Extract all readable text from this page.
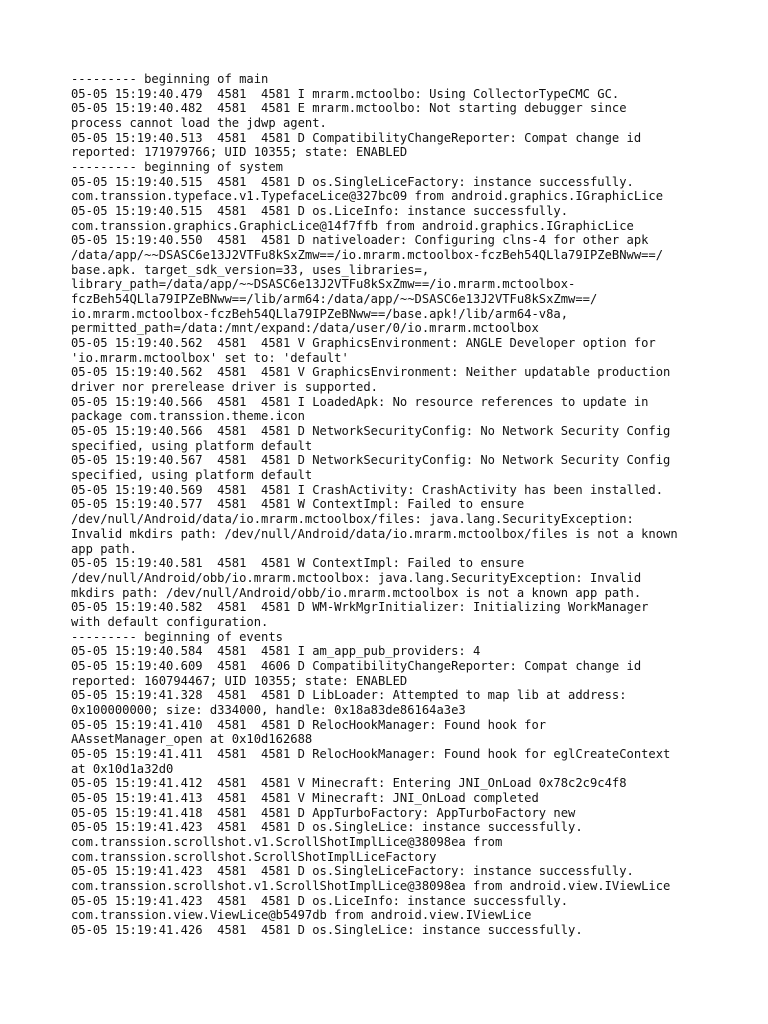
--------- beginning of main
05-05 15:19:40.479  4581  4581 I mrarm.mctoolbo: Using CollectorTypeCMC GC.
05-05 15:19:40.482  4581  4581 E mrarm.mctoolbo: Not starting debugger since
process cannot load the jdwp agent.
05-05 15:19:40.513  4581  4581 D CompatibilityChangeReporter: Compat change id
reported: 171979766; UID 10355; state: ENABLED
--------- beginning of system
05-05 15:19:40.515  4581  4581 D os.SingleLiceFactory: instance successfully.
com.transsion.typeface.v1.TypefaceLice@327bc09 from android.graphics.IGraphicLice
05-05 15:19:40.515  4581  4581 D os.LiceInfo: instance successfully.
com.transsion.graphics.GraphicLice@14f7ffb from android.graphics.IGraphicLice
05-05 15:19:40.550  4581  4581 D nativeloader: Configuring clns-4 for other apk
/data/app/~~DSASC6e13J2VTFu8kSxZmw==/io.mrarm.mctoolbox-fczBeh54QLla79IPZeBNww==/
base.apk. target_sdk_version=33, uses_libraries=,
library_path=/data/app/~~DSASC6e13J2VTFu8kSxZmw==/io.mrarm.mctoolbox-
fczBeh54QLla79IPZeBNww==/lib/arm64:/data/app/~~DSASC6e13J2VTFu8kSxZmw==/
io.mrarm.mctoolbox-fczBeh54QLla79IPZeBNww==/base.apk!/lib/arm64-v8a,
permitted_path=/data:/mnt/expand:/data/user/0/io.mrarm.mctoolbox
05-05 15:19:40.562  4581  4581 V GraphicsEnvironment: ANGLE Developer option for
'io.mrarm.mctoolbox' set to: 'default'
05-05 15:19:40.562  4581  4581 V GraphicsEnvironment: Neither updatable production
driver nor prerelease driver is supported.
05-05 15:19:40.566  4581  4581 I LoadedApk: No resource references to update in
package com.transsion.theme.icon
05-05 15:19:40.566  4581  4581 D NetworkSecurityConfig: No Network Security Config
specified, using platform default
05-05 15:19:40.567  4581  4581 D NetworkSecurityConfig: No Network Security Config
specified, using platform default
05-05 15:19:40.569  4581  4581 I CrashActivity: CrashActivity has been installed.
05-05 15:19:40.577  4581  4581 W ContextImpl: Failed to ensure
/dev/null/Android/data/io.mrarm.mctoolbox/files: java.lang.SecurityException:
Invalid mkdirs path: /dev/null/Android/data/io.mrarm.mctoolbox/files is not a known
app path.
05-05 15:19:40.581  4581  4581 W ContextImpl: Failed to ensure
/dev/null/Android/obb/io.mrarm.mctoolbox: java.lang.SecurityException: Invalid
mkdirs path: /dev/null/Android/obb/io.mrarm.mctoolbox is not a known app path.
05-05 15:19:40.582  4581  4581 D WM-WrkMgrInitializer: Initializing WorkManager
with default configuration.
--------- beginning of events
05-05 15:19:40.584  4581  4581 I am_app_pub_providers: 4
05-05 15:19:40.609  4581  4606 D CompatibilityChangeReporter: Compat change id
reported: 160794467; UID 10355; state: ENABLED
05-05 15:19:41.328  4581  4581 D LibLoader: Attempted to map lib at address:
0x100000000; size: d334000, handle: 0x18a83de86164a3e3
05-05 15:19:41.410  4581  4581 D RelocHookManager: Found hook for
AAssetManager_open at 0x10d162688
05-05 15:19:41.411  4581  4581 D RelocHookManager: Found hook for eglCreateContext
at 0x10d1a32d0
05-05 15:19:41.412  4581  4581 V Minecraft: Entering JNI_OnLoad 0x78c2c9c4f8
05-05 15:19:41.413  4581  4581 V Minecraft: JNI_OnLoad completed
05-05 15:19:41.418  4581  4581 D AppTurboFactory: AppTurboFactory new
05-05 15:19:41.423  4581  4581 D os.SingleLice: instance successfully.
com.transsion.scrollshot.v1.ScrollShotImplLice@38098ea from
com.transsion.scrollshot.ScrollShotImplLiceFactory
05-05 15:19:41.423  4581  4581 D os.SingleLiceFactory: instance successfully.
com.transsion.scrollshot.v1.ScrollShotImplLice@38098ea from android.view.IViewLice
05-05 15:19:41.423  4581  4581 D os.LiceInfo: instance successfully.
com.transsion.view.ViewLice@b5497db from android.view.IViewLice
05-05 15:19:41.426  4581  4581 D os.SingleLice: instance successfully.
